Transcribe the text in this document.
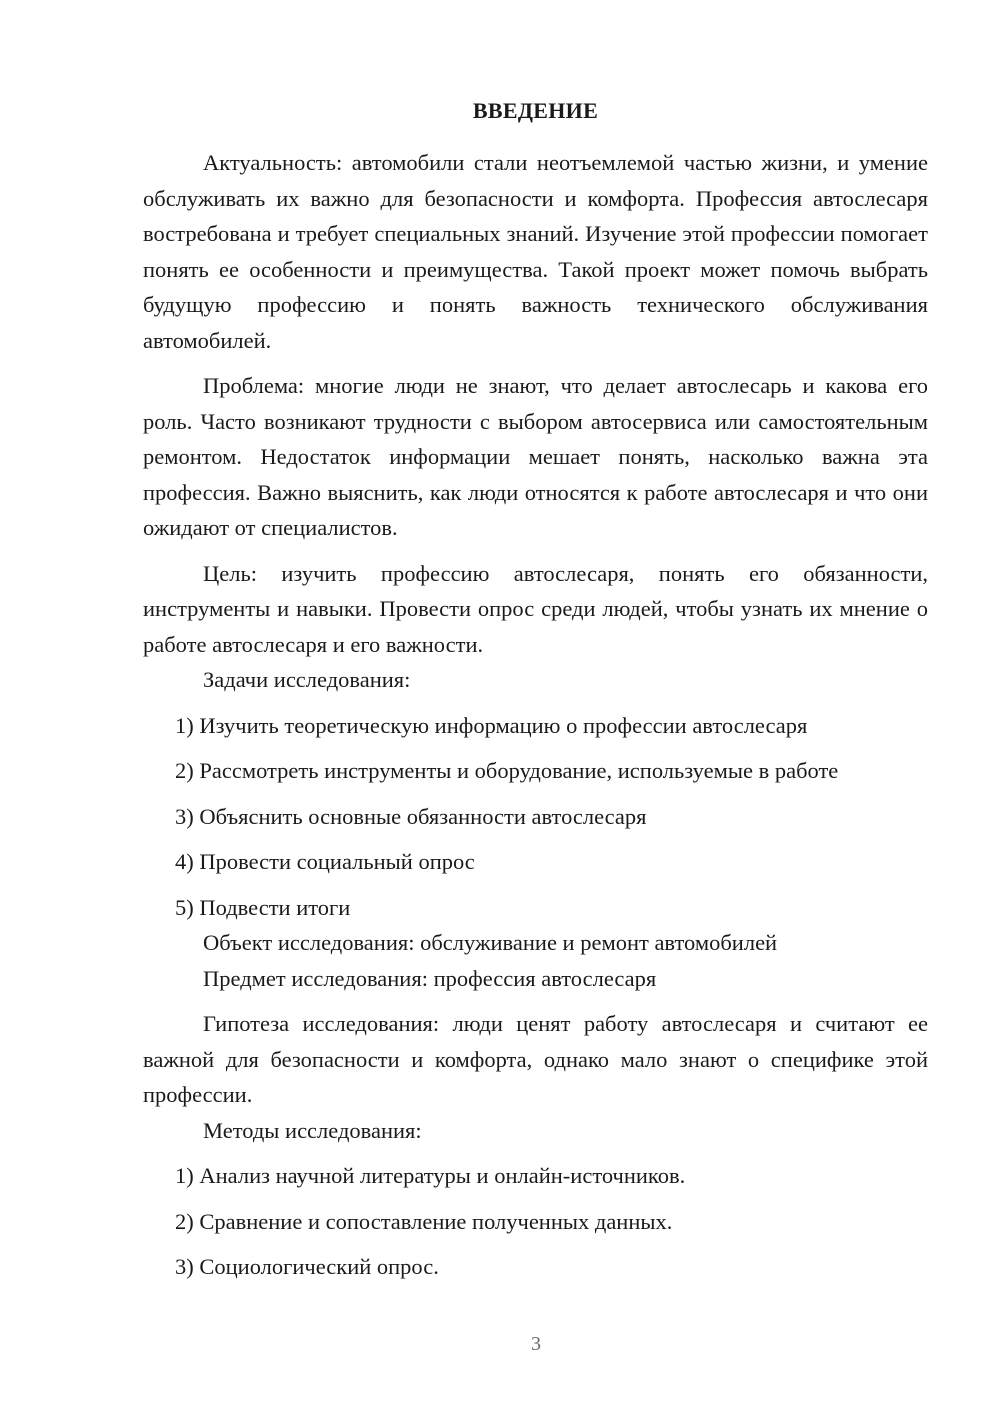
ВВЕДЕНИЕ

Актуальность: автомобили стали неотъемлемой частью жизни, и умение обслуживать их важно для безопасности и комфорта. Профессия автослесаря востребована и требует специальных знаний. Изучение этой профессии помогает понять ее особенности и преимущества. Такой проект может помочь выбрать будущую профессию и понять важность технического обслуживания автомобилей.

Проблема: многие люди не знают, что делает автослесарь и какова его роль. Часто возникают трудности с выбором автосервиса или самостоятельным ремонтом. Недостаток информации мешает понять, насколько важна эта профессия. Важно выяснить, как люди относятся к работе автослесаря и что они ожидают от специалистов.

Цель: изучить профессию автослесаря, понять его обязанности, инструменты и навыки. Провести опрос среди людей, чтобы узнать их мнение о работе автослесаря и его важности.

Задачи исследования:

1) Изучить теоретическую информацию о профессии автослесаря

2) Рассмотреть инструменты и оборудование, используемые в работе

3) Объяснить основные обязанности автослесаря

4) Провести социальный опрос

5) Подвести итоги

Объект исследования: обслуживание и ремонт автомобилей

Предмет исследования: профессия автослесаря

Гипотеза исследования: люди ценят работу автослесаря и считают ее важной для безопасности и комфорта, однако мало знают о специфике этой профессии.

Методы исследования:

1) Анализ научной литературы и онлайн-источников.

2) Сравнение и сопоставление полученных данных.

3) Социологический опрос.

3
